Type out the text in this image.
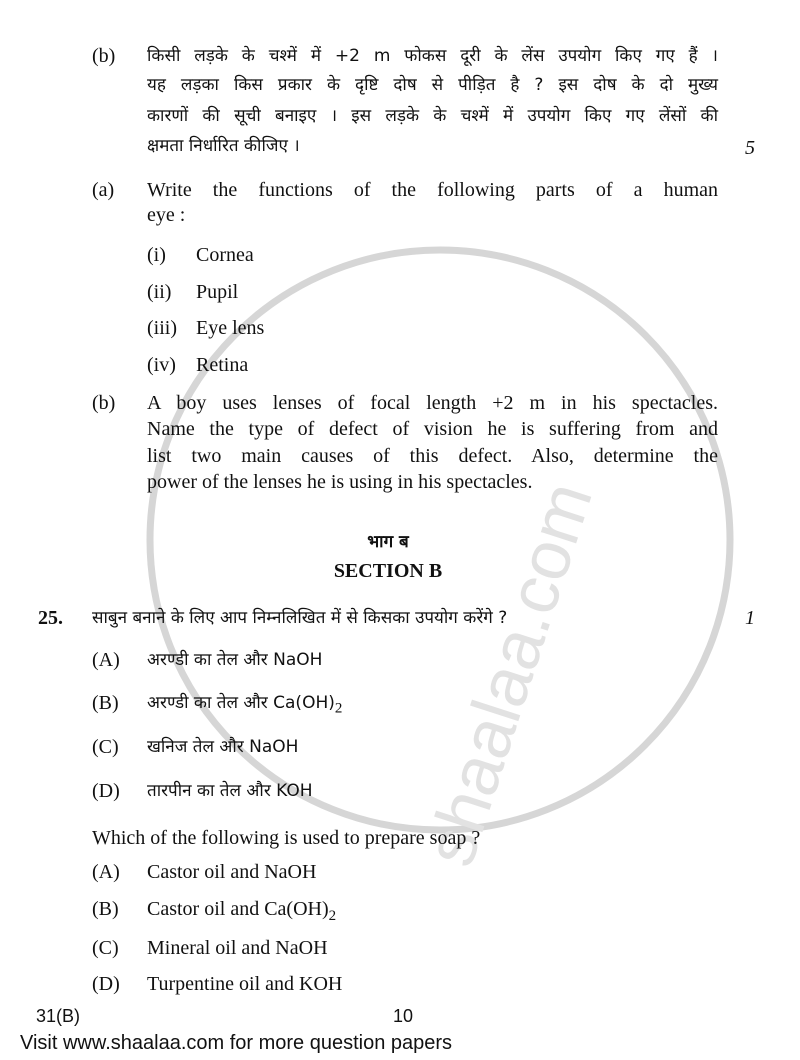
shaalaa.com
(b) किसी लड़के के चश्में में +2 m फोकस दूरी के लेंस उपयोग किए गए हैं ।
यह लड़का किस प्रकार के दृष्टि दोष से पीड़ित है ? इस दोष के दो मुख्य
कारणों की सूची बनाइए । इस लड़के के चश्में में उपयोग किए गए लेंसों की
क्षमता निर्धारित कीजिए ।	5
(a) Write the functions of the following parts of a human
eye :
(i) Cornea
(ii) Pupil
(iii) Eye lens
(iv) Retina
(b) A boy uses lenses of focal length +2 m in his spectacles.
Name the type of defect of vision he is suffering from and
list two main causes of this defect. Also, determine the
power of the lenses he is using in his spectacles.
भाग ब
SECTION B
25. साबुन बनाने के लिए आप निम्नलिखित में से किसका उपयोग करेंगे ?	1
(A) अरण्डी का तेल और NaOH
(B) अरण्डी का तेल और $Ca(OH)_2$
(C) खनिज तेल और NaOH
(D) तारपीन का तेल और KOH
Which of the following is used to prepare soap ?
(A) Castor oil and NaOH
(B) Castor oil and $Ca(OH)_2$
(C) Mineral oil and NaOH
(D) Turpentine oil and KOH
31(B)	10
Visit www.shaalaa.com for more question papers
